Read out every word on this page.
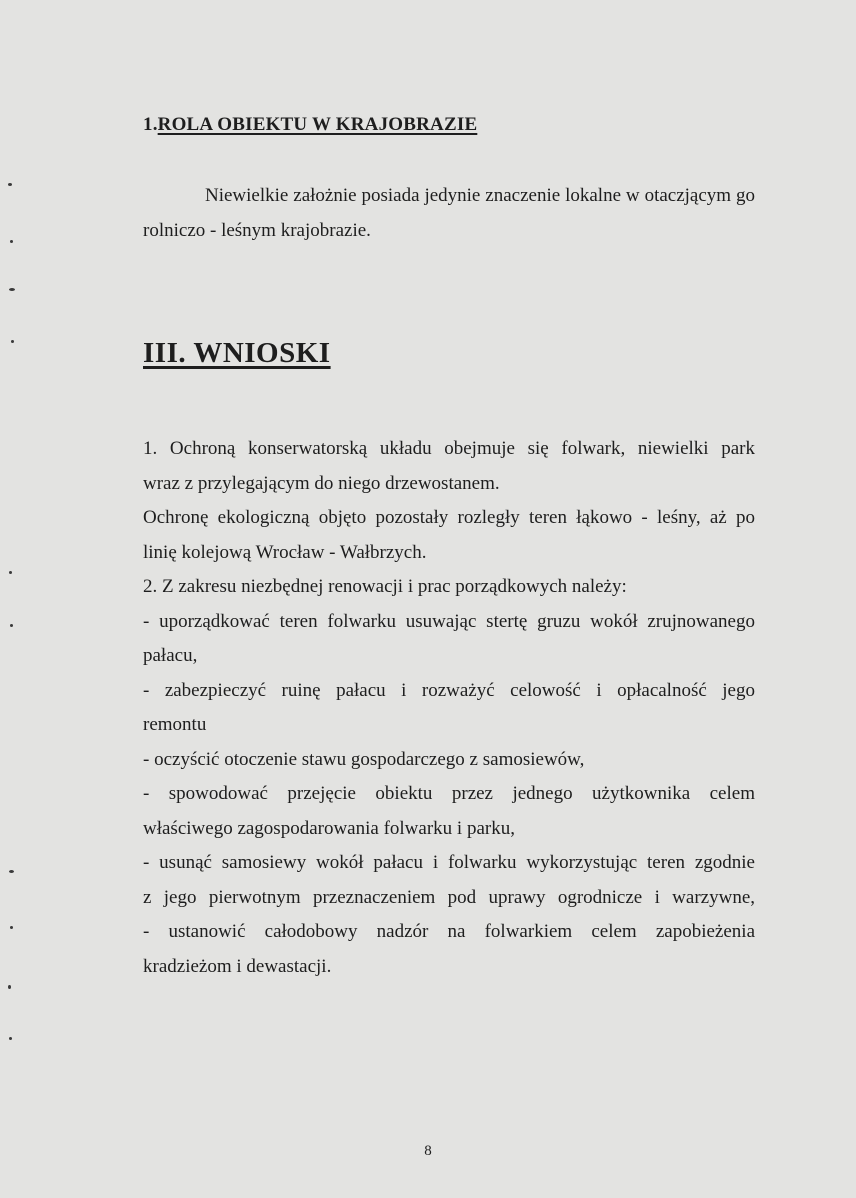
1.ROLA OBIEKTU W KRAJOBRAZIE

Niewielkie założnie posiada jedynie znaczenie lokalne w otaczjącym go rolniczo - leśnym krajobrazie.

III. WNIOSKI
1. Ochroną konserwatorską układu obejmuje się folwark, niewielki park
wraz z przylegającym do niego drzewostanem.
Ochronę ekologiczną objęto pozostały rozległy teren łąkowo - leśny, aż po
linię kolejową Wrocław - Wałbrzych.
2. Z zakresu niezbędnej renowacji i prac porządkowych należy:
- uporządkować teren folwarku usuwając stertę gruzu wokół zrujnowanego
pałacu,
- zabezpieczyć ruinę pałacu i rozważyć celowość i opłacalność jego
remontu
- oczyścić otoczenie stawu gospodarczego z samosiewów,
- spowodować przejęcie obiektu przez jednego użytkownika celem
właściwego zagospodarowania folwarku i parku,
- usunąć samosiewy wokół pałacu i folwarku wykorzystując teren zgodnie
z jego pierwotnym przeznaczeniem pod uprawy ogrodnicze i warzywne,
- ustanowić całodobowy nadzór na folwarkiem celem zapobieżenia
kradzieżom i dewastacji.
8
